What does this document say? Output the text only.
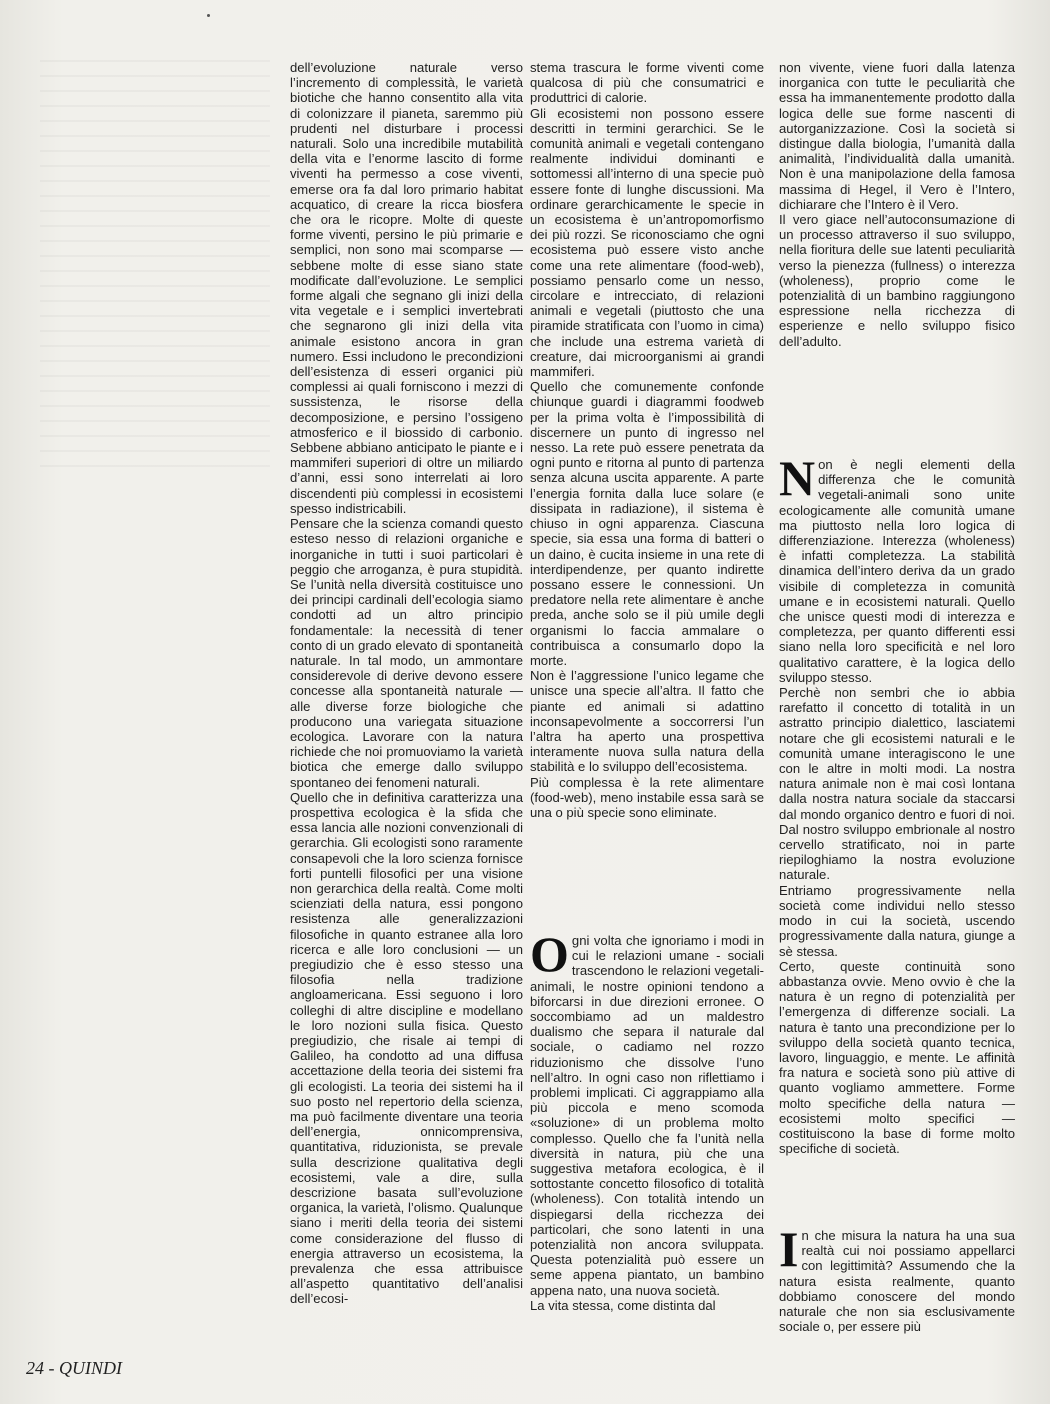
dell’evoluzione naturale verso l’incremento di complessità, le varietà biotiche che hanno consentito alla vita di colonizzare il pianeta, saremmo più prudenti nel disturbare i processi naturali. Solo una incredibile mutabilità della vita e l’enorme lascito di forme viventi ha permesso a cose viventi, emerse ora fa dal loro primario habitat acquatico, di creare la ricca biosfera che ora le ricopre. Molte di queste forme viventi, persino le più primarie e semplici, non sono mai scomparse — sebbene molte di esse siano state modificate dall’evoluzione. Le semplici forme algali che segnano gli inizi della vita vegetale e i semplici invertebrati che segnarono gli inizi della vita animale esistono ancora in gran numero. Essi includono le precondizioni dell’esistenza di esseri organici più complessi ai quali forniscono i mezzi di sussistenza, le risorse della decomposizione, e persino l’ossigeno atmosferico e il biossido di carbonio. Sebbene abbiano anticipato le piante e i mammiferi superiori di oltre un miliardo d’anni, essi sono interrelati ai loro discendenti più complessi in ecosistemi spesso indistricabili.

Pensare che la scienza comandi questo esteso nesso di relazioni organiche e inorganiche in tutti i suoi particolari è peggio che arroganza, è pura stupidità. Se l’unità nella diversità costituisce uno dei principi cardinali dell’ecologia siamo condotti ad un altro principio fondamentale: la necessità di tener conto di un grado elevato di spontaneità naturale. In tal modo, un ammontare considerevole di derive devono essere concesse alla spontaneità naturale — alle diverse forze biologiche che producono una variegata situazione ecologica. Lavorare con la natura richiede che noi promuoviamo la varietà biotica che emerge dallo sviluppo spontaneo dei fenomeni naturali.

Quello che in definitiva caratterizza una prospettiva ecologica è la sfida che essa lancia alle nozioni convenzionali di gerarchia. Gli ecologisti sono raramente consapevoli che la loro scienza fornisce forti puntelli filosofici per una visione non gerarchica della realtà. Come molti scienziati della natura, essi pongono resistenza alle generalizzazioni filosofiche in quanto estranee alla loro ricerca e alle loro conclusioni — un pregiudizio che è esso stesso una filosofia nella tradizione angloamericana. Essi seguono i loro colleghi di altre discipline e modellano le loro nozioni sulla fisica. Questo pregiudizio, che risale ai tempi di Galileo, ha condotto ad una diffusa accettazione della teoria dei sistemi fra gli ecologisti. La teoria dei sistemi ha il suo posto nel repertorio della scienza, ma può facilmente diventare una teoria dell’energia, onnicomprensiva, quantitativa, riduzionista, se prevale sulla descrizione qualitativa degli ecosistemi, vale a dire, sulla descrizione basata sull’evoluzione organica, la varietà, l’olismo. Qualunque siano i meriti della teoria dei sistemi come considerazione del flusso di energia attraverso un ecosistema, la prevalenza che essa attribuisce all’aspetto quantitativo dell’analisi dell’ecosi-

stema trascura le forme viventi come qualcosa di più che consumatrici e produttrici di calorie.

Gli ecosistemi non possono essere descritti in termini gerarchici. Se le comunità animali e vegetali contengano realmente individui dominanti e sottomessi all’interno di una specie può essere fonte di lunghe discussioni. Ma ordinare gerarchicamente le specie in un ecosistema è un’antropomorfismo dei più rozzi. Se riconosciamo che ogni ecosistema può essere visto anche come una rete alimentare (food-web), possiamo pensarlo come un nesso, circolare e intrecciato, di relazioni animali e vegetali (piuttosto che una piramide stratificata con l’uomo in cima) che include una estrema varietà di creature, dai microorganismi ai grandi mammiferi.

Quello che comunemente confonde chiunque guardi i diagrammi foodweb per la prima volta è l’impossibilità di discernere un punto di ingresso nel nesso. La rete può essere penetrata da ogni punto e ritorna al punto di partenza senza alcuna uscita apparente. A parte l’energia fornita dalla luce solare (e dissipata in radiazione), il sistema è chiuso in ogni apparenza. Ciascuna specie, sia essa una forma di batteri o un daino, è cucita insieme in una rete di interdipendenze, per quanto indirette possano essere le connessioni. Un predatore nella rete alimentare è anche preda, anche solo se il più umile degli organismi lo faccia ammalare o contribuisca a consumarlo dopo la morte.

Non è l’aggressione l’unico legame che unisce una specie all’altra. Il fatto che piante ed animali si adattino inconsapevolmente a soccorrersi l’un l’altra ha aperto una prospettiva interamente nuova sulla natura della stabilità e lo sviluppo dell’ecosistema.

Più complessa è la rete alimentare (food-web), meno instabile essa sarà se una o più specie sono eliminate.

Ogni volta che ignoriamo i modi in cui le relazioni umane - sociali trascendono le relazioni vegetali-animali, le nostre opinioni tendono a biforcarsi in due direzioni erronee. O soccombiamo ad un maldestro dualismo che separa il naturale dal sociale, o cadiamo nel rozzo riduzionismo che dissolve l’uno nell’altro. In ogni caso non riflettiamo i problemi implicati. Ci aggrappiamo alla più piccola e meno scomoda «soluzione» di un problema molto complesso. Quello che fa l’unità nella diversità in natura, più che una suggestiva metafora ecologica, è il sottostante concetto filosofico di totalità (wholeness). Con totalità intendo un dispiegarsi della ricchezza dei particolari, che sono latenti in una potenzialità non ancora sviluppata. Questa potenzialità può essere un seme appena piantato, un bambino appena nato, una nuova società.

La vita stessa, come distinta dal

non vivente, viene fuori dalla latenza inorganica con tutte le peculiarità che essa ha immanentemente prodotto dalla logica delle sue forme nascenti di autorganizzazione. Così la società si distingue dalla biologia, l’umanità dalla animalità, l’individualità dalla umanità. Non è una manipolazione della famosa massima di Hegel, il Vero è l’Intero, dichiarare che l’Intero è il Vero.

Il vero giace nell’autoconsumazione di un processo attraverso il suo sviluppo, nella fioritura delle sue latenti peculiarità verso la pienezza (fullness) o interezza (wholeness), proprio come le potenzialità di un bambino raggiungono espressione nella ricchezza di esperienze e nello sviluppo fisico dell’adulto.

Non è negli elementi della differenza che le comunità vegetali-animali sono unite ecologicamente alle comunità umane ma piuttosto nella loro logica di differenziazione. Interezza (wholeness) è infatti completezza. La stabilità dinamica dell’intero deriva da un grado visibile di completezza in comunità umane e in ecosistemi naturali. Quello che unisce questi modi di interezza e completezza, per quanto differenti essi siano nella loro specificità e nel loro qualitativo carattere, è la logica dello sviluppo stesso.

Perchè non sembri che io abbia rarefatto il concetto di totalità in un astratto principio dialettico, lasciatemi notare che gli ecosistemi naturali e le comunità umane interagiscono le une con le altre in molti modi. La nostra natura animale non è mai così lontana dalla nostra natura sociale da staccarsi dal mondo organico dentro e fuori di noi. Dal nostro sviluppo embrionale al nostro cervello stratificato, noi in parte riepiloghiamo la nostra evoluzione naturale.

Entriamo progressivamente nella società come individui nello stesso modo in cui la società, uscendo progressivamente dalla natura, giunge a sè stessa.

Certo, queste continuità sono abbastanza ovvie. Meno ovvio è che la natura è un regno di potenzialità per l’emergenza di differenze sociali. La natura è tanto una precondizione per lo sviluppo della società quanto tecnica, lavoro, linguaggio, e mente. Le affinità fra natura e società sono più attive di quanto vogliamo ammettere. Forme molto specifiche della natura — ecosistemi molto specifici — costituiscono la base di forme molto specifiche di società.

In che misura la natura ha una sua realtà cui noi possiamo appellarci con legittimità? Assumendo che la natura esista realmente, quanto dobbiamo conoscere del mondo naturale che non sia esclusivamente sociale o, per essere più

24 - QUINDI
